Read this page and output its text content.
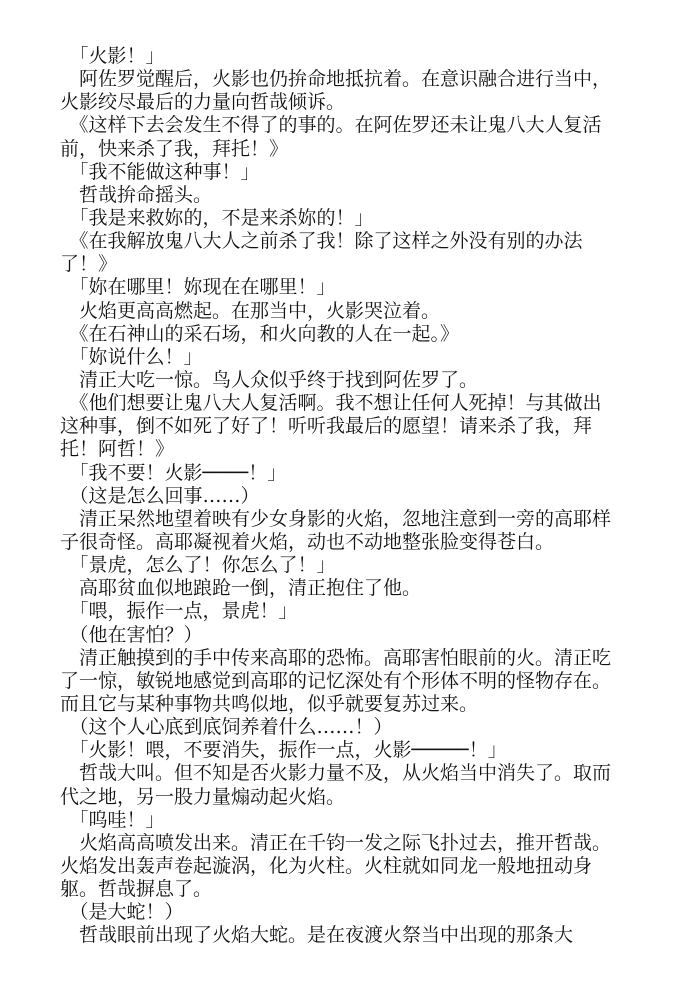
　「火影！」
　阿佐罗觉醒后，火影也仍拚命地抵抗着。在意识融合进行当中，
火影绞尽最后的力量向哲哉倾诉。
　《这样下去会发生不得了的事的。在阿佐罗还未让鬼八大人复活
前，快来杀了我，拜托！》
　「我不能做这种事！」
　哲哉拚命摇头。
　「我是来救妳的，不是来杀妳的！」
　《在我解放鬼八大人之前杀了我！除了这样之外没有别的办法
了！》
　「妳在哪里！妳现在在哪里！」
　火焰更高高燃起。在那当中，火影哭泣着。
　《在石神山的采石场，和火向教的人在一起。》
　「妳说什么！」
　清正大吃一惊。鸟人众似乎终于找到阿佐罗了。
　《他们想要让鬼八大人复活啊。我不想让任何人死掉！与其做出
这种事，倒不如死了好了！听听我最后的愿望！请来杀了我，拜
托！阿哲！》
　「我不要！火影────！」
　（这是怎么回事……）
　清正呆然地望着映有少女身影的火焰，忽地注意到一旁的高耶样
子很奇怪。高耶凝视着火焰，动也不动地整张脸变得苍白。
　「景虎，怎么了！你怎么了！」
　高耶贫血似地踉跄一倒，清正抱住了他。
　「喂，振作一点，景虎！」
　（他在害怕？）
　清正触摸到的手中传来高耶的恐怖。高耶害怕眼前的火。清正吃
了一惊，敏锐地感觉到高耶的记忆深处有个形体不明的怪物存在。
而且它与某种事物共鸣似地，似乎就要复苏过来。
　（这个人心底到底饲养着什么……！）
　「火影！喂，不要消失，振作一点，火影─────！」
　哲哉大叫。但不知是否火影力量不及，从火焰当中消失了。取而
代之地，另一股力量煽动起火焰。
　「呜哇！」
　火焰高高喷发出来。清正在千钧一发之际飞扑过去，推开哲哉。
火焰发出轰声卷起漩涡，化为火柱。火柱就如同龙一般地扭动身
躯。哲哉摒息了。
　（是大蛇！）
　哲哉眼前出现了火焰大蛇。是在夜渡火祭当中出现的那条大
